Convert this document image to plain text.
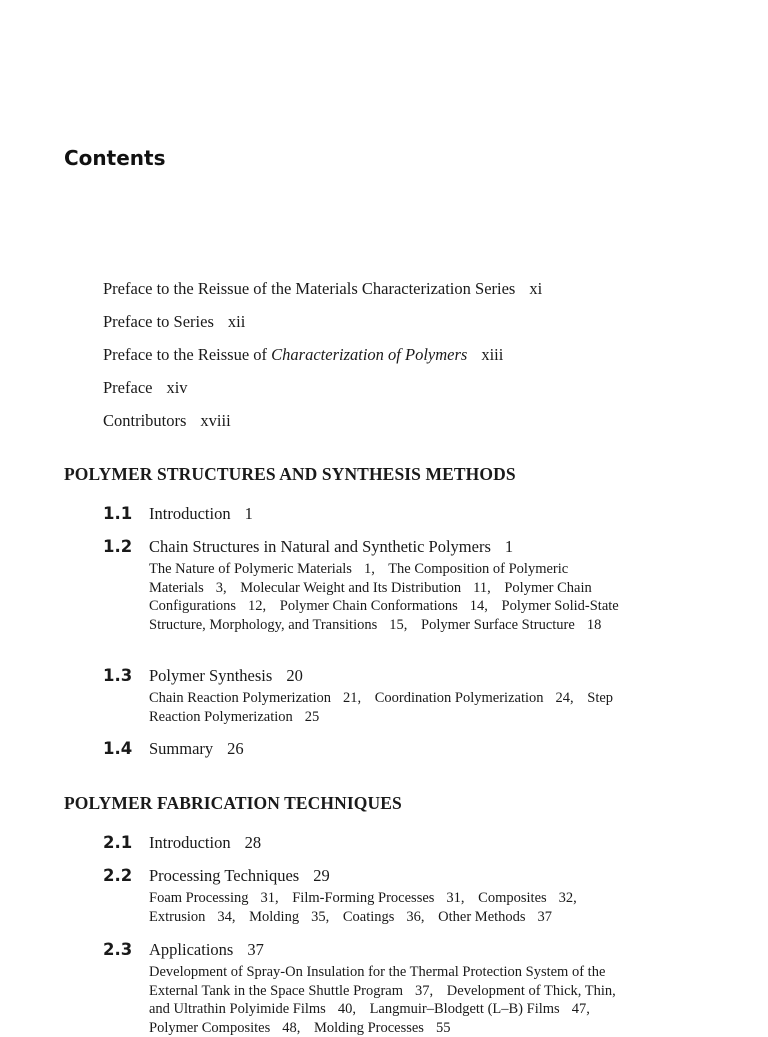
Contents
Preface to the Reissue of the Materials Characterization Series xi
Preface to Series xii
Preface to the Reissue of Characterization of Polymers xiii
Preface xiv
Contributors xviii
POLYMER STRUCTURES AND SYNTHESIS METHODS
1.1 Introduction 1
1.2 Chain Structures in Natural and Synthetic Polymers 1
The Nature of Polymeric Materials 1, The Composition of Polymeric Materials 3, Molecular Weight and Its Distribution 11, Polymer Chain Configurations 12, Polymer Chain Conformations 14, Polymer Solid-State Structure, Morphology, and Transitions 15, Polymer Surface Structure 18
1.3 Polymer Synthesis 20
Chain Reaction Polymerization 21, Coordination Polymerization 24, Step Reaction Polymerization 25
1.4 Summary 26
POLYMER FABRICATION TECHNIQUES
2.1 Introduction 28
2.2 Processing Techniques 29
Foam Processing 31, Film-Forming Processes 31, Composites 32, Extrusion 34, Molding 35, Coatings 36, Other Methods 37
2.3 Applications 37
Development of Spray-On Insulation for the Thermal Protection System of the External Tank in the Space Shuttle Program 37, Development of Thick, Thin, and Ultrathin Polyimide Films 40, Langmuir–Blodgett (L–B) Films 47, Polymer Composites 48, Molding Processes 55
